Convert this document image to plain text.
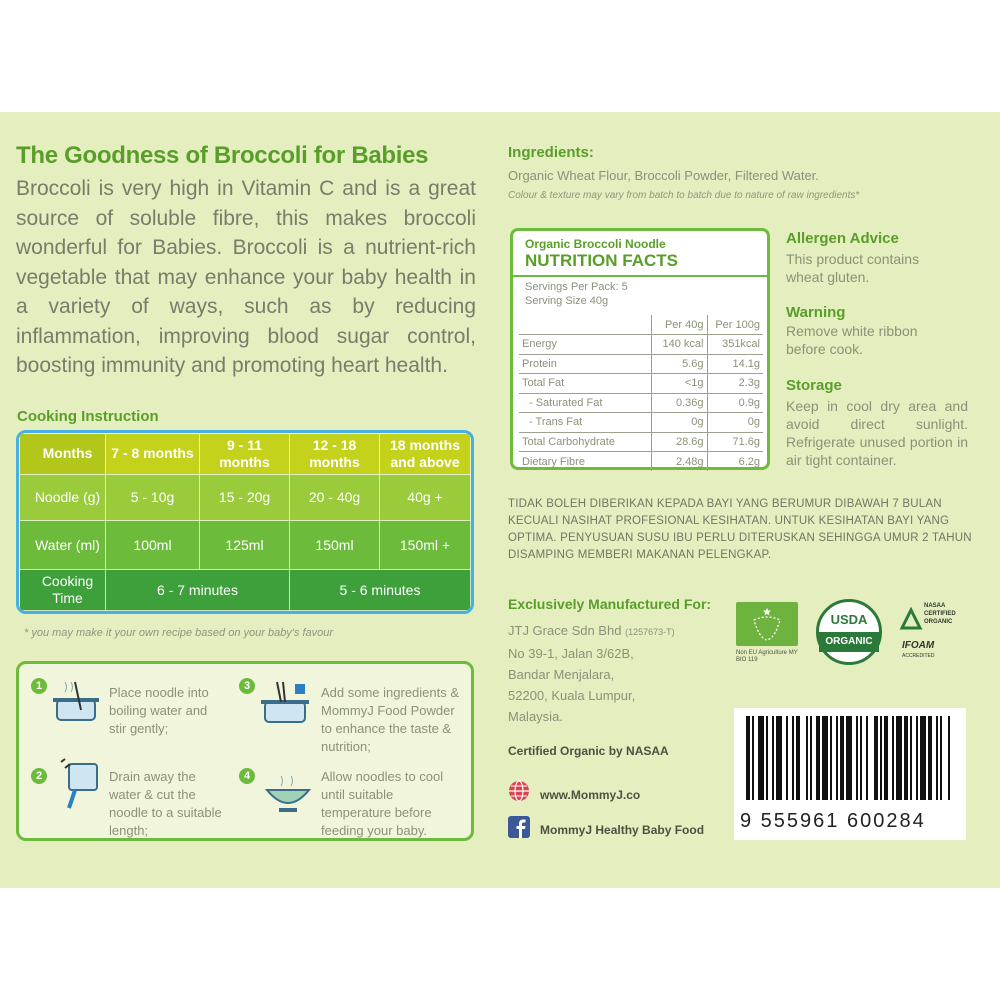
The Goodness of Broccoli for Babies
Broccoli is very high in Vitamin C and is a great source of soluble fibre, this makes broccoli wonderful for Babies. Broccoli is a nutrient-rich vegetable that may enhance your baby health in a variety of ways, such as by reducing inflammation, improving blood sugar control, boosting immunity and promoting heart health.
Cooking Instruction
Months	7 - 8 months	9 - 11 months	12 - 18 months	18 months and above
Noodle (g)	5 - 10g	15 - 20g	20 - 40g	40g +
Water (ml)	100ml	125ml	150ml	150ml +
Cooking Time	6 - 7 minutes		5 - 6 minutes	
* you may make it your own recipe based on your baby's favour
1	Place noodle into boiling water and stir gently;
2	Drain away the water & cut the noodle to a suitable length;
3	Add some ingredients & MommyJ Food Powder to enhance the taste & nutrition;
4	Allow noodles to cool until suitable temperature before feeding your baby.
Ingredients:
Organic Wheat Flour, Broccoli Powder, Filtered Water.
Colour & texture may vary from batch to batch due to nature of raw ingredients*
Organic Broccoli Noodle
NUTRITION FACTS
Servings Per Pack: 5
Serving Size 40g
	Per 40g	Per 100g
Energy	140 kcal	351kcal
Protein	5.6g	14.1g
Total Fat	<1g	2.3g
- Saturated Fat	0.36g	0.9g
- Trans Fat	0g	0g
Total Carbohydrate	28.6g	71.6g
Dietary Fibre	2.48g	6.2g
Allergen Advice
This product contains wheat gluten.
Warning
Remove white ribbon before cook.
Storage
Keep in cool dry area and avoid direct sunlight. Refrigerate unused portion in air tight container.
TIDAK BOLEH DIBERIKAN KEPADA BAYI YANG BERUMUR DIBAWAH 7 BULAN KECUALI NASIHAT PROFESIONAL KESIHATAN. UNTUK KESIHATAN BAYI YANG OPTIMA. PENYUSUAN SUSU IBU PERLU DITERUSKAN SEHINGGA UMUR 2 TAHUN DISAMPING MEMBERI MAKANAN PELENGKAP.
Exclusively Manufactured For:
JTJ Grace Sdn Bhd (1257673-T)
No 39-1, Jalan 3/62B,
Bandar Menjalara,
52200, Kuala Lumpur,
Malaysia.
Certified Organic by NASAA
www.MommyJ.co
MommyJ Healthy Baby Food
Non EU Agriculture MY BIO 119
USDA
ORGANIC
NASAA
CERTIFIED
ORGANIC
IFOAM
ACCREDITED
9 555961 600284
